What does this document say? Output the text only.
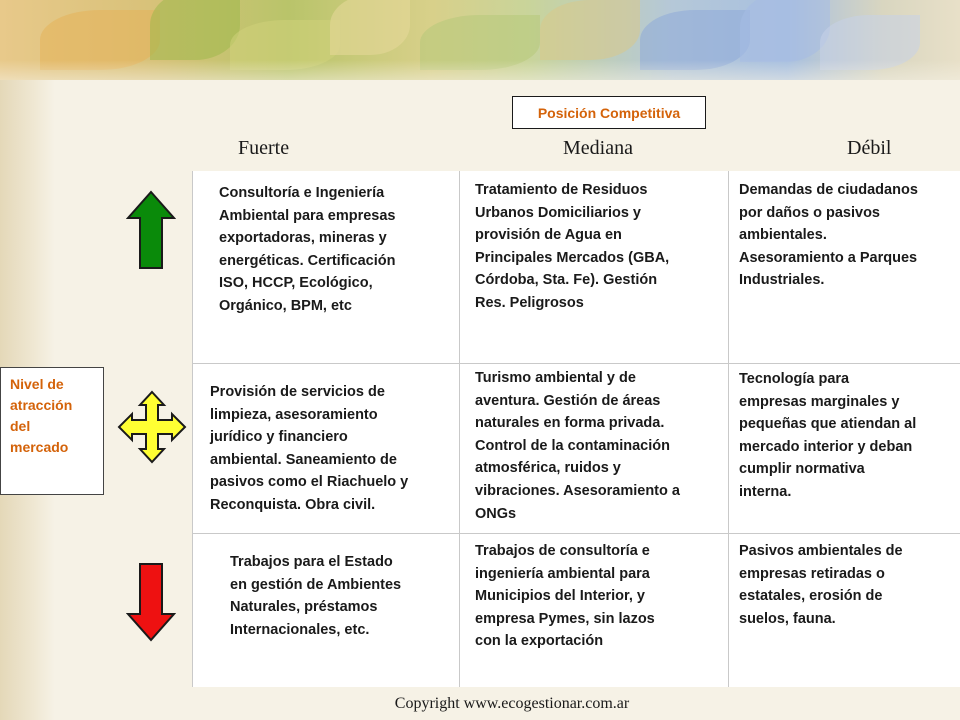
Posición Competitiva
Fuerte	Mediana	Débil
Consultoría e Ingeniería
Ambiental para empresas
exportadoras, mineras y
energéticas. Certificación
ISO, HCCP, Ecológico,
Orgánico, BPM, etc
Tratamiento de Residuos
Urbanos Domiciliarios y
provisión de Agua en
Principales Mercados (GBA,
Córdoba, Sta. Fe). Gestión
Res. Peligrosos
Demandas de ciudadanos
por daños o pasivos
ambientales.
Asesoramiento a Parques
Industriales.
Provisión de servicios de
limpieza, asesoramiento
jurídico y financiero
ambiental. Saneamiento de
pasivos como el Riachuelo y
Reconquista. Obra civil.
Turismo ambiental y de
aventura. Gestión de áreas
naturales en forma privada.
Control de la contaminación
atmosférica, ruidos y
vibraciones. Asesoramiento a
ONGs
Tecnología para
empresas marginales y
pequeñas que atiendan al
mercado interior y deban
cumplir normativa
interna.
Trabajos para el Estado
en gestión de Ambientes
Naturales, préstamos
Internacionales, etc.
Trabajos de consultoría e
ingeniería ambiental para
Municipios del Interior, y
empresa Pymes, sin lazos
con la exportación
Pasivos ambientales de
empresas retiradas o
estatales, erosión de
suelos, fauna.
Nivel de
atracción
del
mercado
Copyright www.ecogestionar.com.ar
